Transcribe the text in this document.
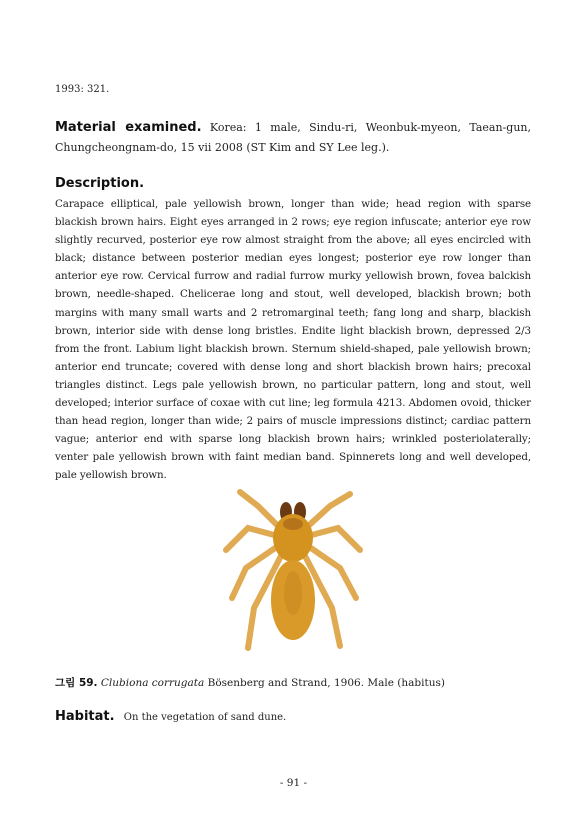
1993: 321.
Material examined. Korea: 1 male, Sindu-ri, Weonbuk-myeon, Taean-gun, Chungcheongnam-do, 15 vii 2008 (ST Kim and SY Lee leg.).
Description.
Carapace elliptical, pale yellowish brown, longer than wide; head region with sparse blackish brown hairs. Eight eyes arranged in 2 rows; eye region infuscate; anterior eye row slightly recurved, posterior eye row almost straight from the above; all eyes encircled with black; distance between posterior median eyes longest; posterior eye row longer than anterior eye row. Cervical furrow and radial furrow murky yellowish brown, fovea balckish brown, needle-shaped. Chelicerae long and stout, well developed, blackish brown; both margins with many small warts and 2 retromarginal teeth; fang long and sharp, blackish brown, interior side with dense long bristles. Endite light blackish brown, depressed 2/3 from the front. Labium light blackish brown. Sternum shield-shaped, pale yellowish brown; anterior end truncate; covered with dense long and short blackish brown hairs; precoxal triangles distinct. Legs pale yellowish brown, no particular pattern, long and stout, well developed; interior surface of coxae with cut line; leg formula 4213. Abdomen ovoid, thicker than head region, longer than wide; 2 pairs of muscle impressions distinct; cardiac pattern vague; anterior end with sparse long blackish brown hairs; wrinkled posteriolaterally; venter pale yellowish brown with faint median band. Spinnerets long and well developed, pale yellowish brown.
그림 59. Clubiona corrugata Bösenberg and Strand, 1906. Male (habitus)
Habitat. On the vegetation of sand dune.
- 91 -
